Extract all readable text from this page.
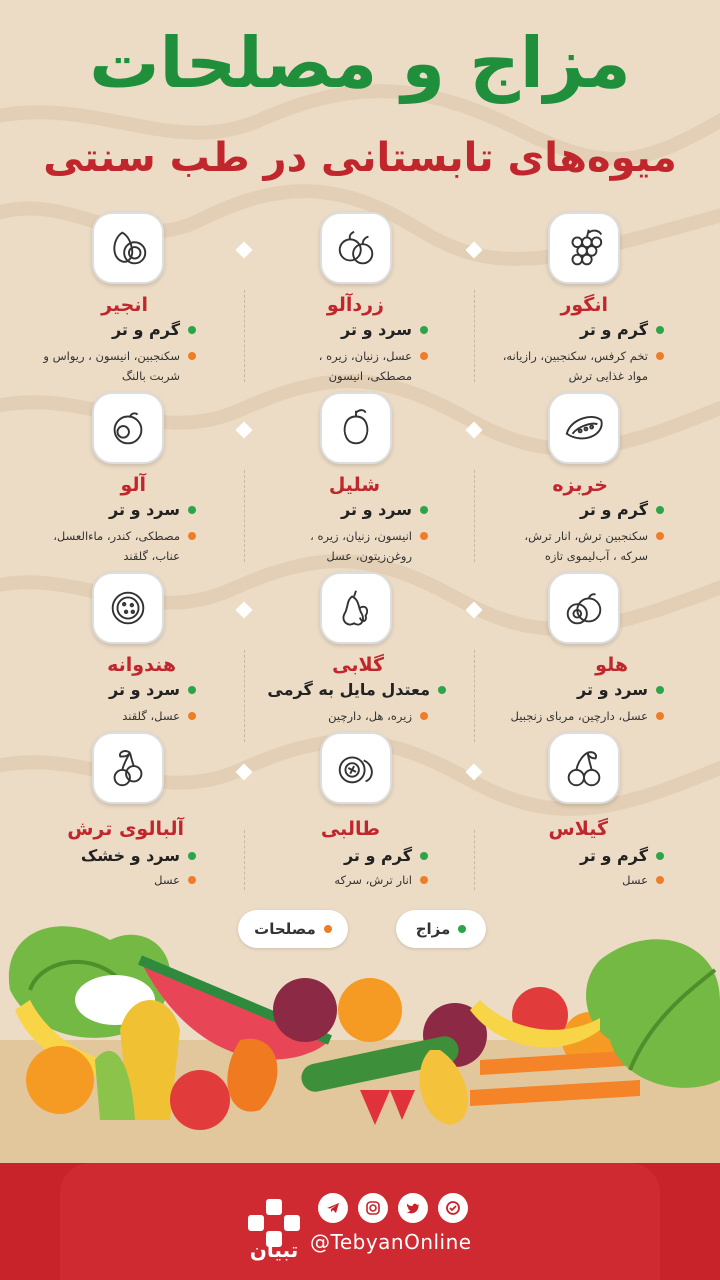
مزاج و مصلحات
میوه‌های تابستانی در طب سنتی
انگور
گرم و تر
تخم کرفس، سکنجبین، رازیانه، مواد غذایی ترش
زردآلو
سرد و تر
عسل، زنیان، زیره ، مصطکی، انیسون
انجیر
گرم و تر
سکنجبین، انیسون ، ریواس و شربت بالنگ
خربزه
گرم و تر
سکنجبین ترش، انار ترش، سرکه ، آب‌لیموی تازه
شلیل
سرد و تر
انیسون، زنیان، زیره ، روغن‌زیتون، عسل
آلو
سرد و تر
مصطکی، کندر، ماءالعسل، عناب، گلقند
هلو
سرد و تر
عسل، دارچین، مربای زنجبیل
گلابی
معتدل مایل به گرمی
زیره، هل، دارچین
هندوانه
سرد و تر
عسل، گلقند
گیلاس
گرم و تر
عسل
طالبی
گرم و تر
انار ترش، سرکه
آلبالوی ترش
سرد و خشک
عسل
مصلحات	مزاج
تبیان @TebyanOnline
